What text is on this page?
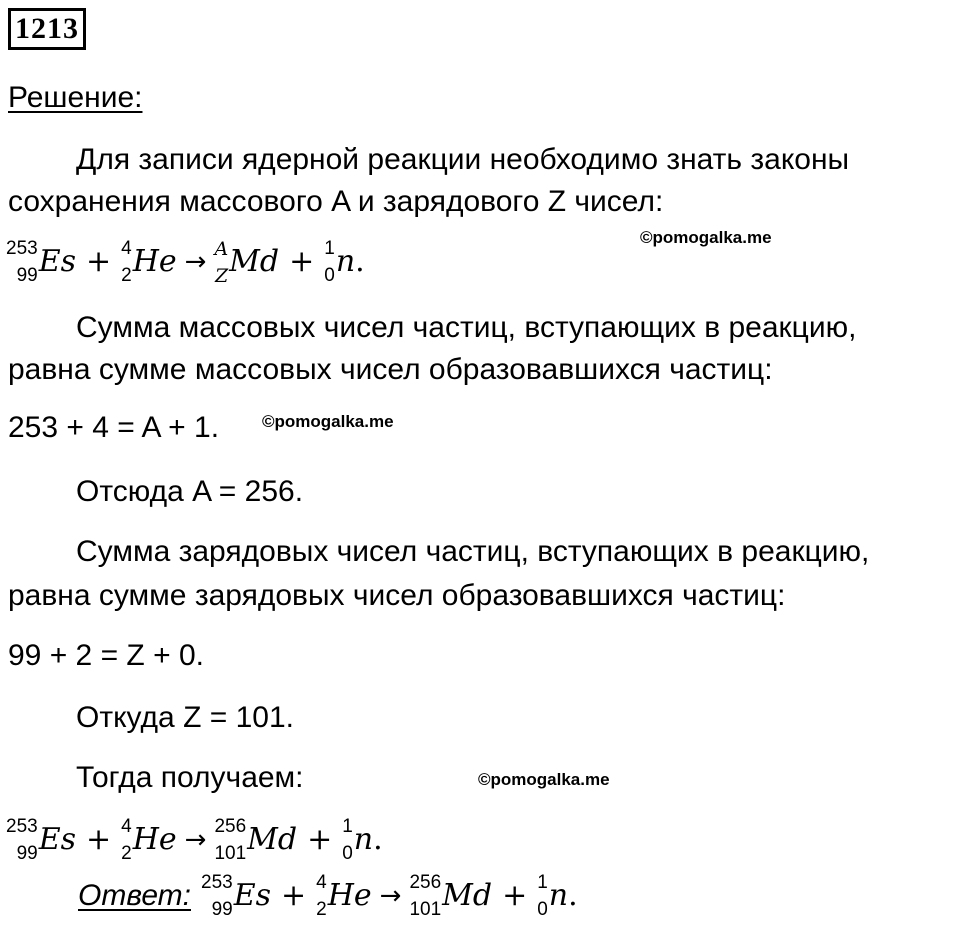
1213
Решение:
Для записи ядерной реакции необходимо знать законы
сохранения массового A и зарядового Z чисел:
©pomogalka.me
253
99 Es + 4
2 He → A
Z Md + 1
0 n .
Сумма массовых чисел частиц, вступающих в реакцию,
равна сумме массовых чисел образовавшихся частиц:
253 + 4 = A + 1.	©pomogalka.me
Отсюда A = 256.
Сумма зарядовых чисел частиц, вступающих в реакцию,
равна сумме зарядовых чисел образовавшихся частиц:
99 + 2 = Z + 0.
Откуда Z = 101.
Тогда получаем:	©pomogalka.me
253
99 Es + 4
2 He → 256
101 Md + 1
0 n .
Ответ: 253
99 Es + 4
2 He → 256
101 Md + 1
0 n .
